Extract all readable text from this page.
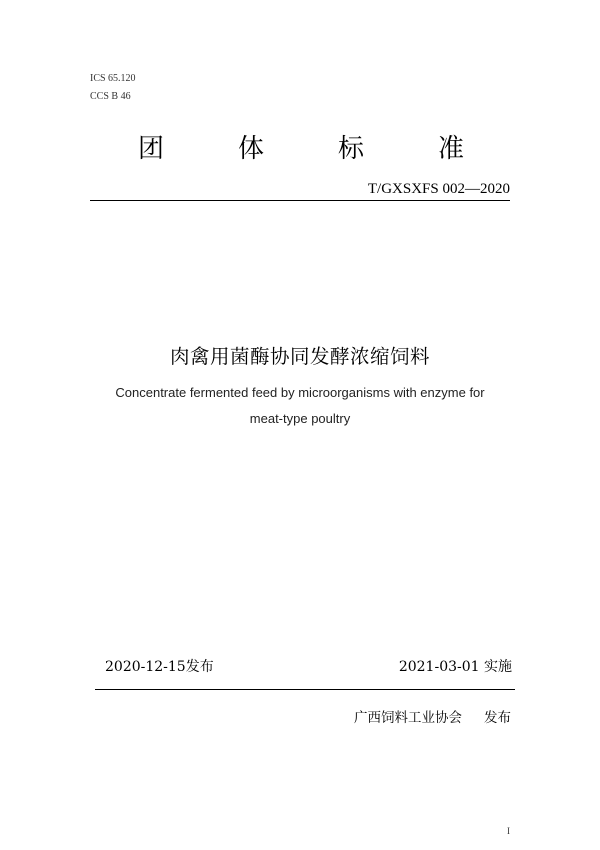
ICS 65.120
CCS B 46
团	体	标	准
T/GXSXFS 002—2020
肉禽用菌酶协同发酵浓缩饲料
Concentrate fermented feed by microorganisms with enzyme for
meat-type poultry
2020-12-15发布	2021-03-01 实施
广西饲料工业协会 发布
I
